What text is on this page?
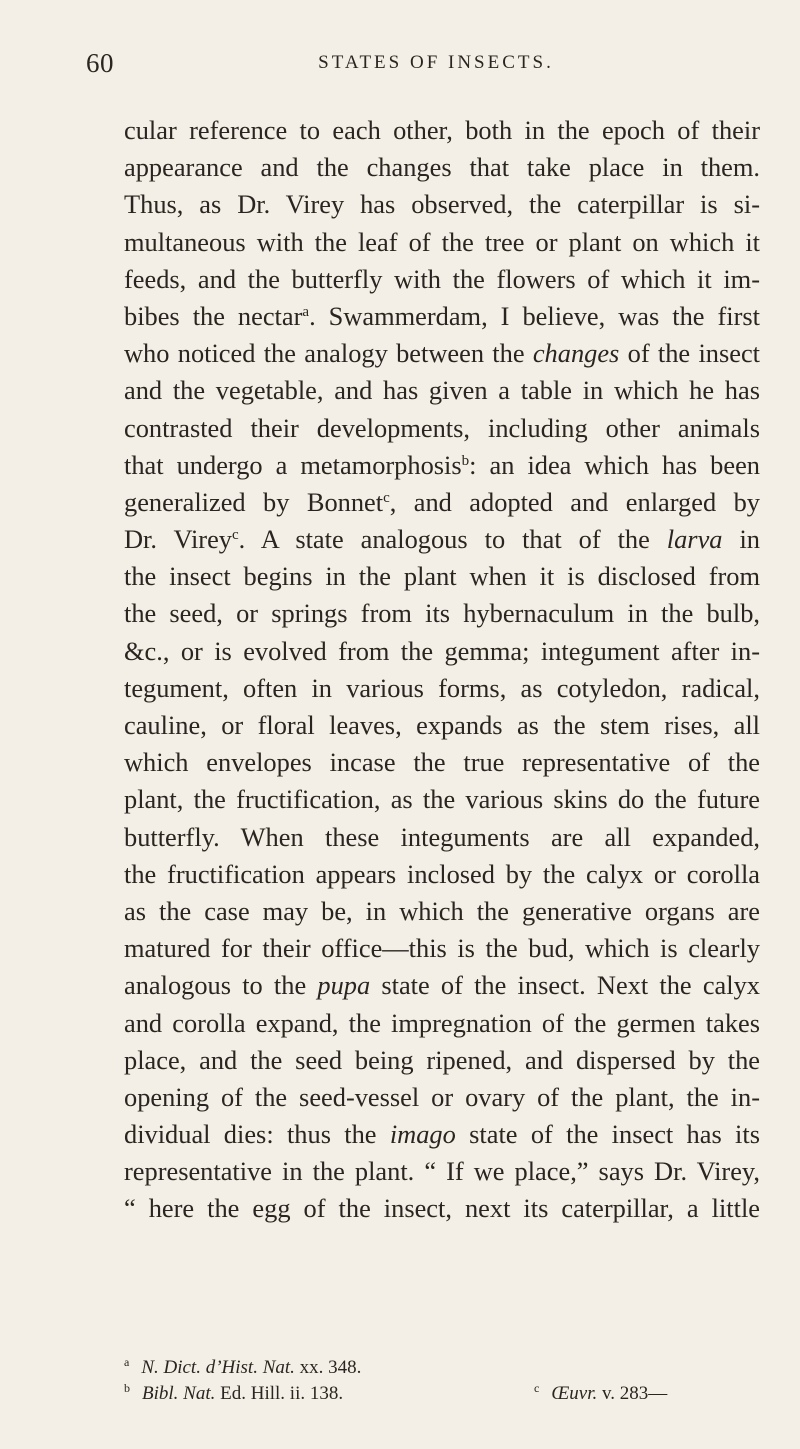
60	STATES OF INSECTS.
cular reference to each other, both in the epoch of their
appearance and the changes that take place in them.
Thus, as Dr. Virey has observed, the caterpillar is si-
multaneous with the leaf of the tree or plant on which it
feeds, and the butterfly with the flowers of which it im-
bibes the nectar$^a$. Swammerdam, I believe, was the first
who noticed the analogy between the changes of the insect
and the vegetable, and has given a table in which he has
contrasted their developments, including other animals
that undergo a metamorphosis$^b$: an idea which has been
generalized by Bonnet$^c$, and adopted and enlarged by
Dr. Virey$^c$. A state analogous to that of the larva in
the insect begins in the plant when it is disclosed from
the seed, or springs from its hybernaculum in the bulb,
&c., or is evolved from the gemma; integument after in-
tegument, often in various forms, as cotyledon, radical,
cauline, or floral leaves, expands as the stem rises, all
which envelopes incase the true representative of the
plant, the fructification, as the various skins do the future
butterfly. When these integuments are all expanded,
the fructification appears inclosed by the calyx or corolla
as the case may be, in which the generative organs are
matured for their office—this is the bud, which is clearly
analogous to the pupa state of the insect. Next the calyx
and corolla expand, the impregnation of the germen takes
place, and the seed being ripened, and dispersed by the
opening of the seed-vessel or ovary of the plant, the in-
dividual dies: thus the imago state of the insect has its
representative in the plant. “ If we place,” says Dr. Virey,
“ here the egg of the insect, next its caterpillar, a little
$^a$ N. Dict. d’Hist. Nat. xx. 348.
$^b$ Bibl. Nat. Ed. Hill. ii. 138.	$^c$ Œuvr. v. 283—
